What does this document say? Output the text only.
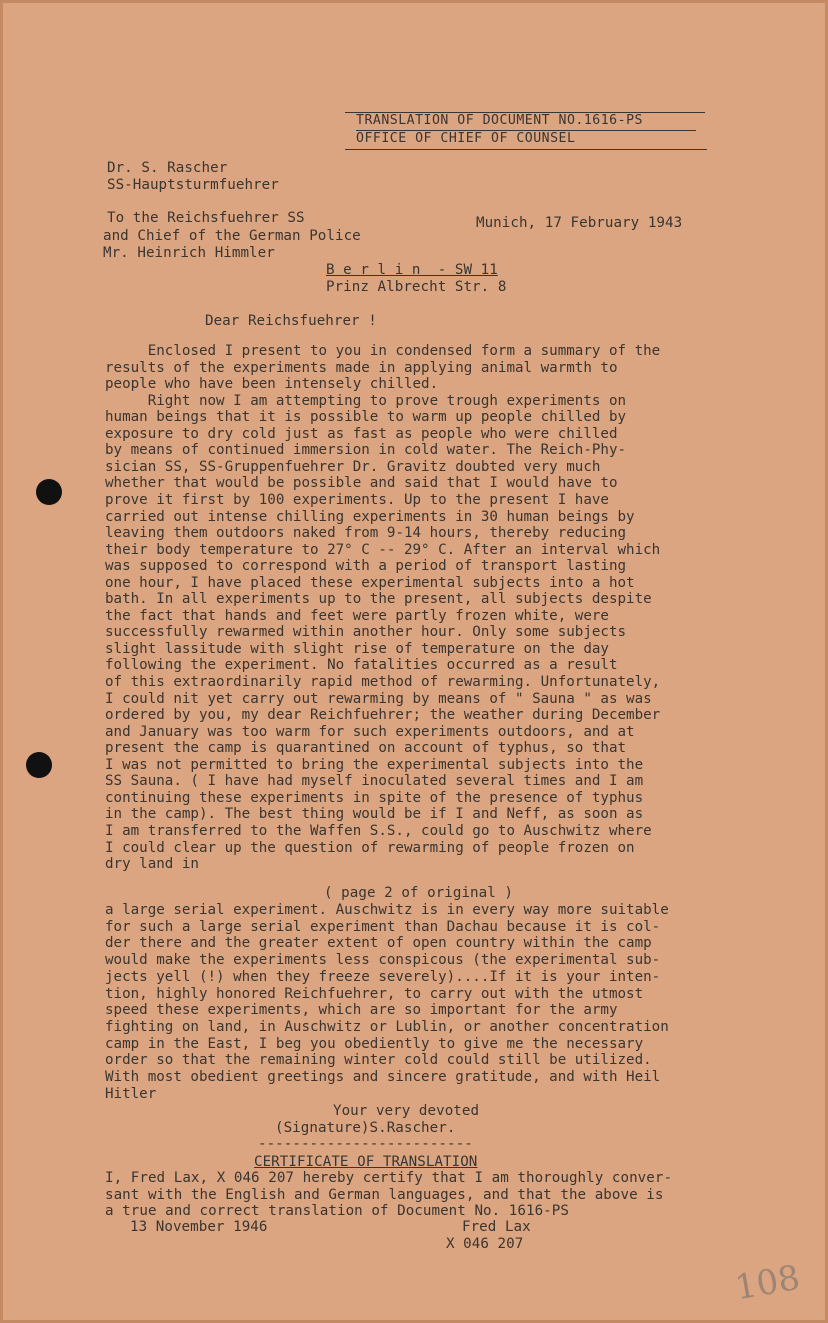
TRANSLATION OF DOCUMENT NO.1616-PS
OFFICE OF CHIEF OF COUNSEL
Dr. S. Rascher
SS-Hauptsturmfuehrer
To the Reichsfuehrer SS
and Chief of the German Police
Mr. Heinrich Himmler
Munich, 17 February 1943
B e r l i n  - SW 11
Prinz Albrecht Str. 8
Dear Reichsfuehrer !
Enclosed I present to you in condensed form a summary of the
results of the experiments made in applying animal warmth to
people who have been intensely chilled.
Right now I am attempting to prove trough experiments on
human beings that it is possible to warm up people chilled by
exposure to dry cold just as fast as people who were chilled
by means of continued immersion in cold water. The Reich-Phy-
sician SS, SS-Gruppenfuehrer Dr. Gravitz doubted very much
whether that would be possible and said that I would have to
prove it first by 100 experiments. Up to the present I have
carried out intense chilling experiments in 30 human beings by
leaving them outdoors naked from 9-14 hours, thereby reducing
their body temperature to 27° C -- 29° C. After an interval which
was supposed to correspond with a period of transport lasting
one hour, I have placed these experimental subjects into a hot
bath. In all experiments up to the present, all subjects despite
the fact that hands and feet were partly frozen white, were
successfully rewarmed within another hour. Only some subjects
slight lassitude with slight rise of temperature on the day
following the experiment. No fatalities occurred as a result
of this extraordinarily rapid method of rewarming. Unfortunately,
I could nit yet carry out rewarming by means of " Sauna " as was
ordered by you, my dear Reichfuehrer; the weather during December
and January was too warm for such experiments outdoors, and at
present the camp is quarantined on account of typhus, so that
I was not permitted to bring the experimental subjects into the
SS Sauna. ( I have had myself inoculated several times and I am
continuing these experiments in spite of the presence of typhus
in the camp). The best thing would be if I and Neff, as soon as
I am transferred to the Waffen S.S., could go to Auschwitz where
I could clear up the question of rewarming of people frozen on
dry land in
( page 2 of original )
a large serial experiment. Auschwitz is in every way more suitable
for such a large serial experiment than Dachau because it is col-
der there and the greater extent of open country within the camp
would make the experiments less conspicous (the experimental sub-
jects yell (!) when they freeze severely)....If it is your inten-
tion, highly honored Reichfuehrer, to carry out with the utmost
speed these experiments, which are so important for the army
fighting on land, in Auschwitz or Lublin, or another concentration
camp in the East, I beg you obediently to give me the necessary
order so that the remaining winter cold could still be utilized.
With most obedient greetings and sincere gratitude, and with Heil
Hitler
Your very devoted
(Signature)S.Rascher.
-------------------------
CERTIFICATE OF TRANSLATION
I, Fred Lax, X 046 207 hereby certify that I am thoroughly conver-
sant with the English and German languages, and that the above is
a true and correct translation of Document No. 1616-PS
13 November 1946	Fred Lax
X 046 207
108
